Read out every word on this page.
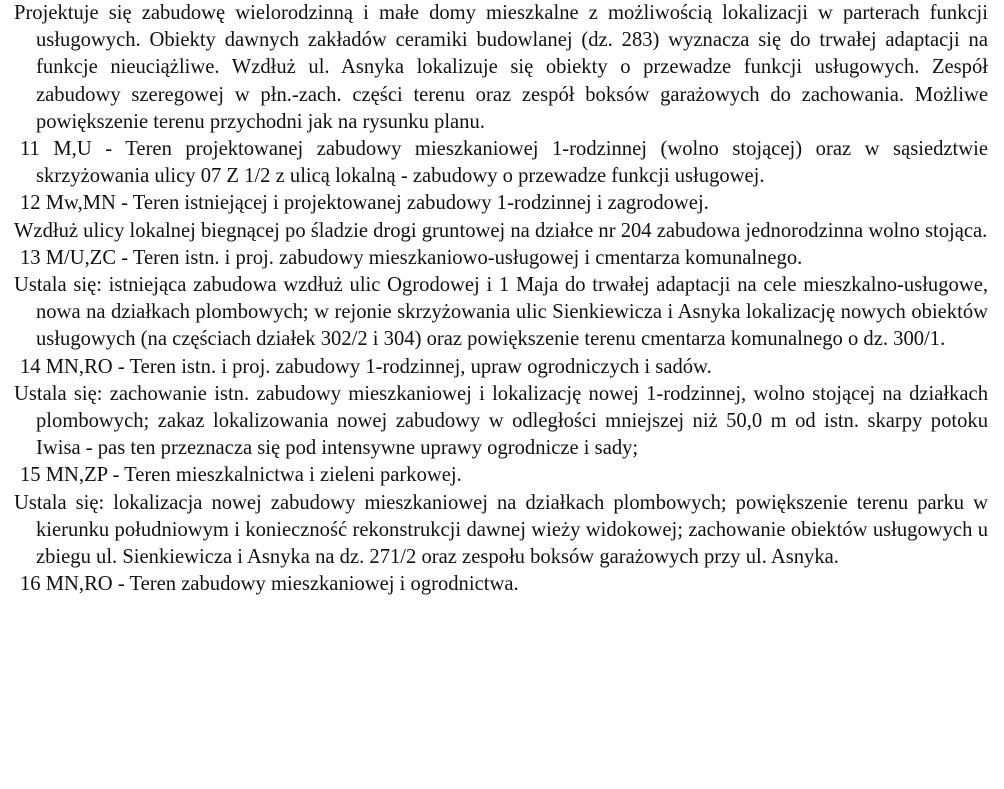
Projektuje się zabudowę wielorodzinną i małe domy mieszkalne z możliwością lokalizacji w parterach funkcji usługowych. Obiekty dawnych zakładów ceramiki budowlanej (dz. 283) wyznacza się do trwałej adaptacji na funkcje nieuciążliwe. Wzdłuż ul. Asnyka lokalizuje się obiekty o przewadze funkcji usługowych. Zespół zabudowy szeregowej w płn.-zach. części terenu oraz zespół boksów garażowych do zachowania. Możliwe powiększenie terenu przychodni jak na rysunku planu.

11 M,U - Teren projektowanej zabudowy mieszkaniowej 1-rodzinnej (wolno stojącej) oraz w sąsiedztwie skrzyżowania ulicy 07 Z 1/2 z ulicą lokalną - zabudowy o przewadze funkcji usługowej.

12 Mw,MN - Teren istniejącej i projektowanej zabudowy 1-rodzinnej i zagrodowej.

Wzdłuż ulicy lokalnej biegnącej po śladzie drogi gruntowej na działce nr 204 zabudowa jednorodzinna wolno stojąca.

13 M/U,ZC - Teren istn. i proj. zabudowy mieszkaniowo-usługowej i cmentarza komunalnego.

Ustala się: istniejąca zabudowa wzdłuż ulic Ogrodowej i 1 Maja do trwałej adaptacji na cele mieszkalno-usługowe, nowa na działkach plombowych; w rejonie skrzyżowania ulic Sienkiewicza i Asnyka lokalizację nowych obiektów usługowych (na częściach działek 302/2 i 304) oraz powiększenie terenu cmentarza komunalnego o dz. 300/1.

14 MN,RO - Teren istn. i proj. zabudowy 1-rodzinnej, upraw ogrodniczych i sadów.

Ustala się: zachowanie istn. zabudowy mieszkaniowej i lokalizację nowej 1-rodzinnej, wolno stojącej na działkach plombowych; zakaz lokalizowania nowej zabudowy w odległości mniejszej niż 50,0 m od istn. skarpy potoku Iwisa - pas ten przeznacza się pod intensywne uprawy ogrodnicze i sady;

15 MN,ZP - Teren mieszkalnictwa i zieleni parkowej.

Ustala się: lokalizacja nowej zabudowy mieszkaniowej na działkach plombowych; powiększenie terenu parku w kierunku południowym i konieczność rekonstrukcji dawnej wieży widokowej; zachowanie obiektów usługowych u zbiegu ul. Sienkiewicza i Asnyka na dz. 271/2 oraz zespołu boksów garażowych przy ul. Asnyka.

16 MN,RO - Teren zabudowy mieszkaniowej i ogrodnictwa.
